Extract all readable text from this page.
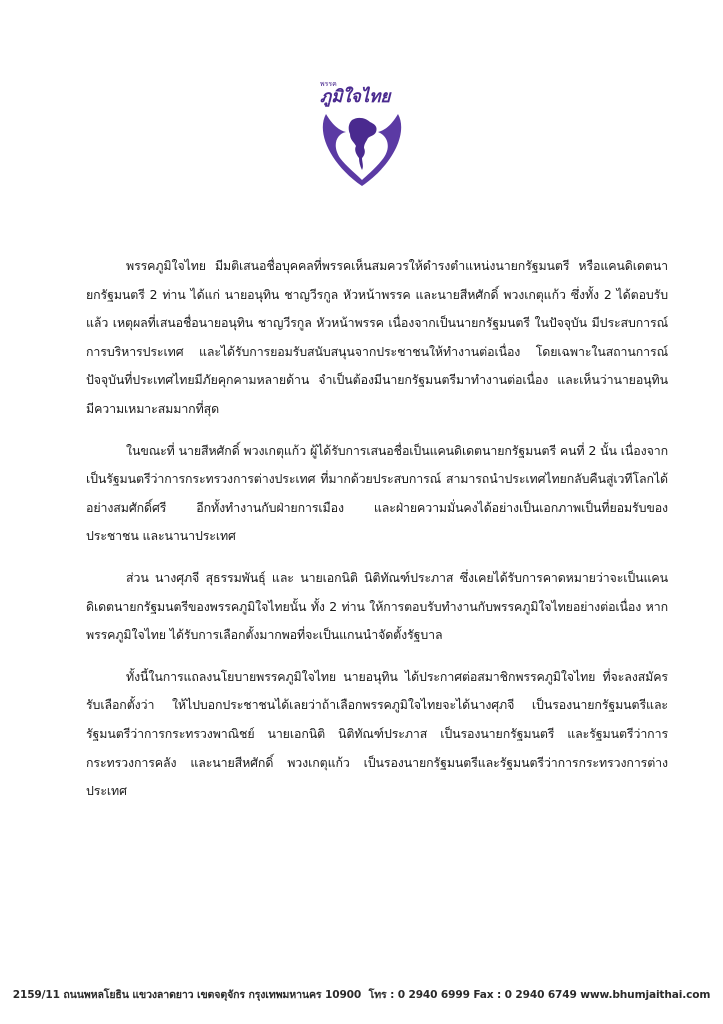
พรรค
ภูมิใจไทย

พรรคภูมิใจไทย มีมติเสนอชื่อบุคคลที่พรรคเห็นสมควรให้ดำรงตำแหน่งนายกรัฐมนตรี หรือแคนดิเดตนายกรัฐมนตรี 2 ท่าน ได้แก่ นายอนุทิน ชาญวีรกูล หัวหน้าพรรค และนายสีหศักดิ์ พวงเกตุแก้ว ซึ่งทั้ง 2 ได้ตอบรับแล้ว เหตุผลที่เสนอชื่อนายอนุทิน ชาญวีรกูล หัวหน้าพรรค เนื่องจากเป็นนายกรัฐมนตรี ในปัจจุบัน มีประสบการณ์การบริหารประเทศ และได้รับการยอมรับสนับสนุนจากประชาชนให้ทำงานต่อเนื่อง โดยเฉพาะในสถานการณ์ปัจจุบันที่ประเทศไทยมีภัยคุกคามหลายด้าน จำเป็นต้องมีนายกรัฐมนตรีมาทำงานต่อเนื่อง และเห็นว่านายอนุทิน มีความเหมาะสมมากที่สุด

ในขณะที่ นายสีหศักดิ์ พวงเกตุแก้ว ผู้ได้รับการเสนอชื่อเป็นแคนดิเดตนายกรัฐมนตรี คนที่ 2 นั้น เนื่องจากเป็นรัฐมนตรีว่าการกระทรวงการต่างประเทศ ที่มากด้วยประสบการณ์ สามารถนำประเทศไทยกลับคืนสู่เวทีโลกได้อย่างสมศักดิ์ศรี อีกทั้งทำงานกับฝ่ายการเมือง และฝ่ายความมั่นคงได้อย่างเป็นเอกภาพเป็นที่ยอมรับของประชาชน และนานาประเทศ

ส่วน นางศุภจี สุธรรมพันธุ์ และ นายเอกนิติ นิติทัณฑ์ประภาส ซึ่งเคยได้รับการคาดหมายว่าจะเป็นแคนดิเดตนายกรัฐมนตรีของพรรคภูมิใจไทยนั้น ทั้ง 2 ท่าน ให้การตอบรับทำงานกับพรรคภูมิใจไทยอย่างต่อเนื่อง หากพรรคภูมิใจไทย ได้รับการเลือกตั้งมากพอที่จะเป็นแกนนำจัดตั้งรัฐบาล

ทั้งนี้ในการแถลงนโยบายพรรคภูมิใจไทย นายอนุทิน ได้ประกาศต่อสมาชิกพรรคภูมิใจไทย ที่จะลงสมัครรับเลือกตั้งว่า ให้ไปบอกประชาชนได้เลยว่าถ้าเลือกพรรคภูมิใจไทยจะได้นางศุภจี เป็นรองนายกรัฐมนตรีและรัฐมนตรีว่าการกระทรวงพาณิชย์ นายเอกนิติ นิติทัณฑ์ประภาส เป็นรองนายกรัฐมนตรี และรัฐมนตรีว่าการกระทรวงการคลัง และนายสีหศักดิ์ พวงเกตุแก้ว เป็นรองนายกรัฐมนตรีและรัฐมนตรีว่าการกระทรวงการต่างประเทศ

2159/11 ถนนพหลโยธิน แขวงลาดยาว เขตจตุจักร กรุงเทพมหานคร 10900 โทร : 0 2940 6999 Fax : 0 2940 6749 www.bhumjaithai.com
